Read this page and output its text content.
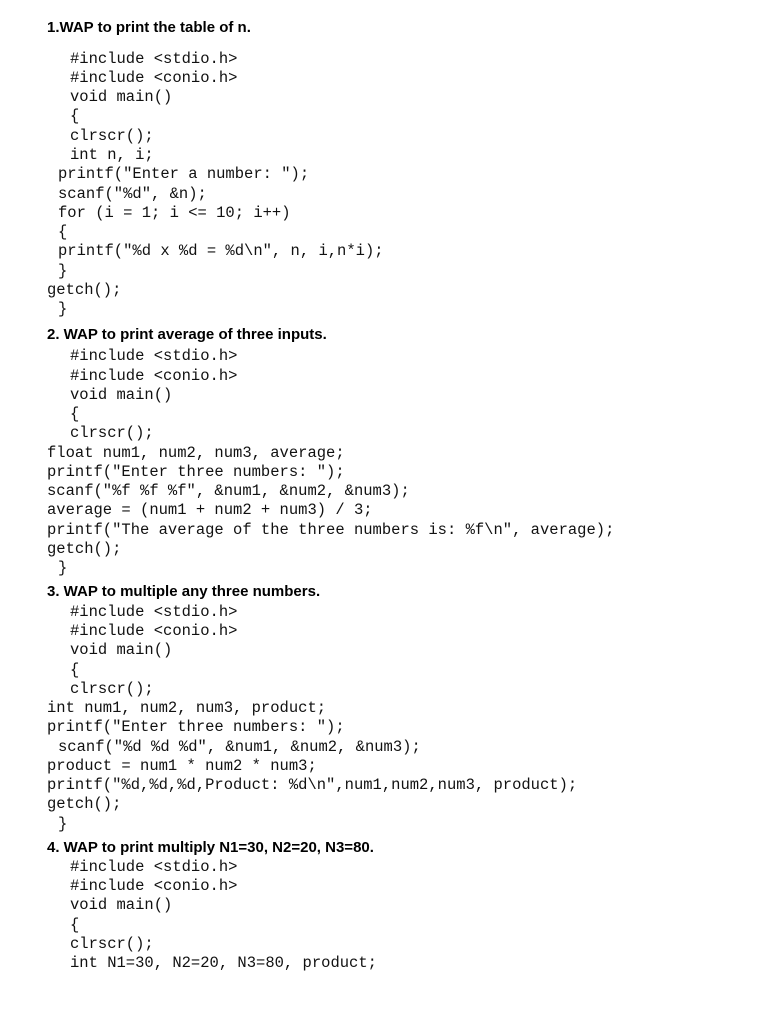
1.WAP to print the table of n.
#include <stdio.h>
#include <conio.h>
void main()
{
clrscr();
int n, i;
printf("Enter a number: ");
scanf("%d", &n);
for (i = 1; i <= 10; i++)
{
printf("%d x %d = %d\n", n, i,n*i);
}
getch();
}
2. WAP to print average of three inputs.
#include <stdio.h>
#include <conio.h>
void main()
{
clrscr();
float num1, num2, num3, average;
printf("Enter three numbers: ");
scanf("%f %f %f", &num1, &num2, &num3);
average = (num1 + num2 + num3) / 3;
printf("The average of the three numbers is: %f\n", average);
getch();
}
3. WAP to multiple any three numbers.
#include <stdio.h>
#include <conio.h>
void main()
{
clrscr();
int num1, num2, num3, product;
printf("Enter three numbers: ");
scanf("%d %d %d", &num1, &num2, &num3);
product = num1 * num2 * num3;
printf("%d,%d,%d,Product: %d\n",num1,num2,num3, product);
getch();
}
4. WAP to print multiply N1=30, N2=20, N3=80.
#include <stdio.h>
#include <conio.h>
void main()
{
clrscr();
int N1=30, N2=20, N3=80, product;
